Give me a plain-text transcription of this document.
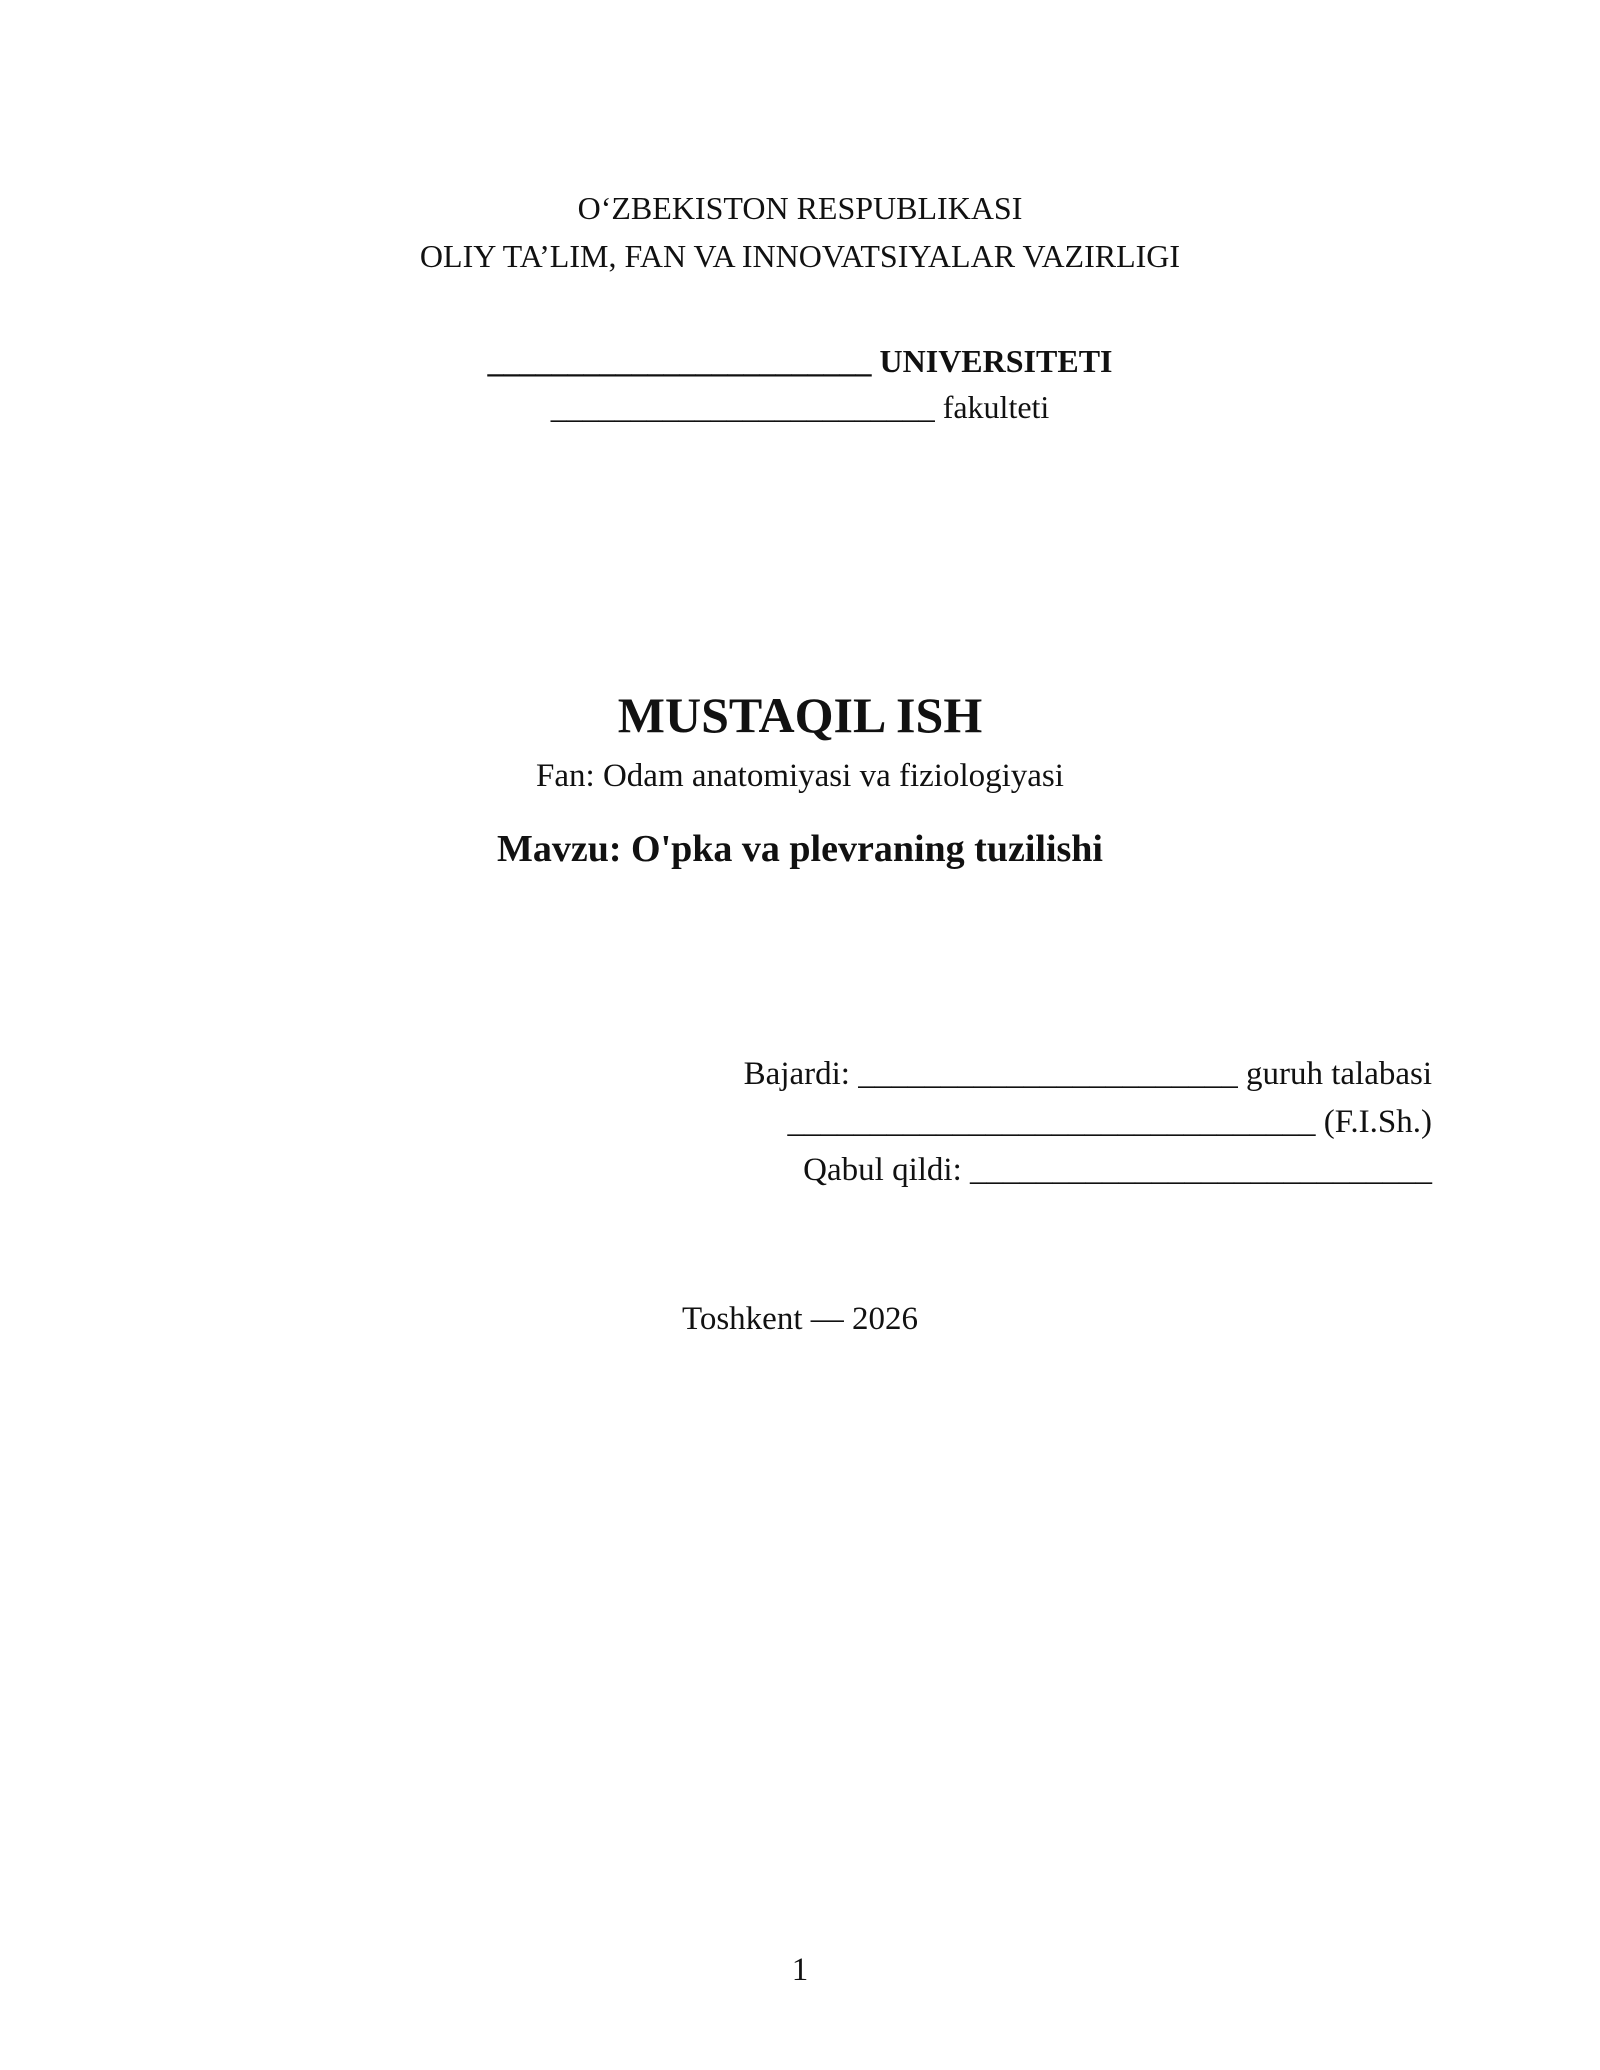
O‘ZBEKISTON RESPUBLIKASI
OLIY TA’LIM, FAN VA INNOVATSIYALAR VAZIRLIGI
________________________ UNIVERSITETI
________________________ fakulteti
MUSTAQIL ISH
Fan: Odam anatomiyasi va fiziologiyasi
Mavzu: O'pka va plevraning tuzilishi
Bajardi: _______________________ guruh talabasi
________________________________ (F.I.Sh.)
Qabul qildi: ____________________________
Toshkent — 2026
1
